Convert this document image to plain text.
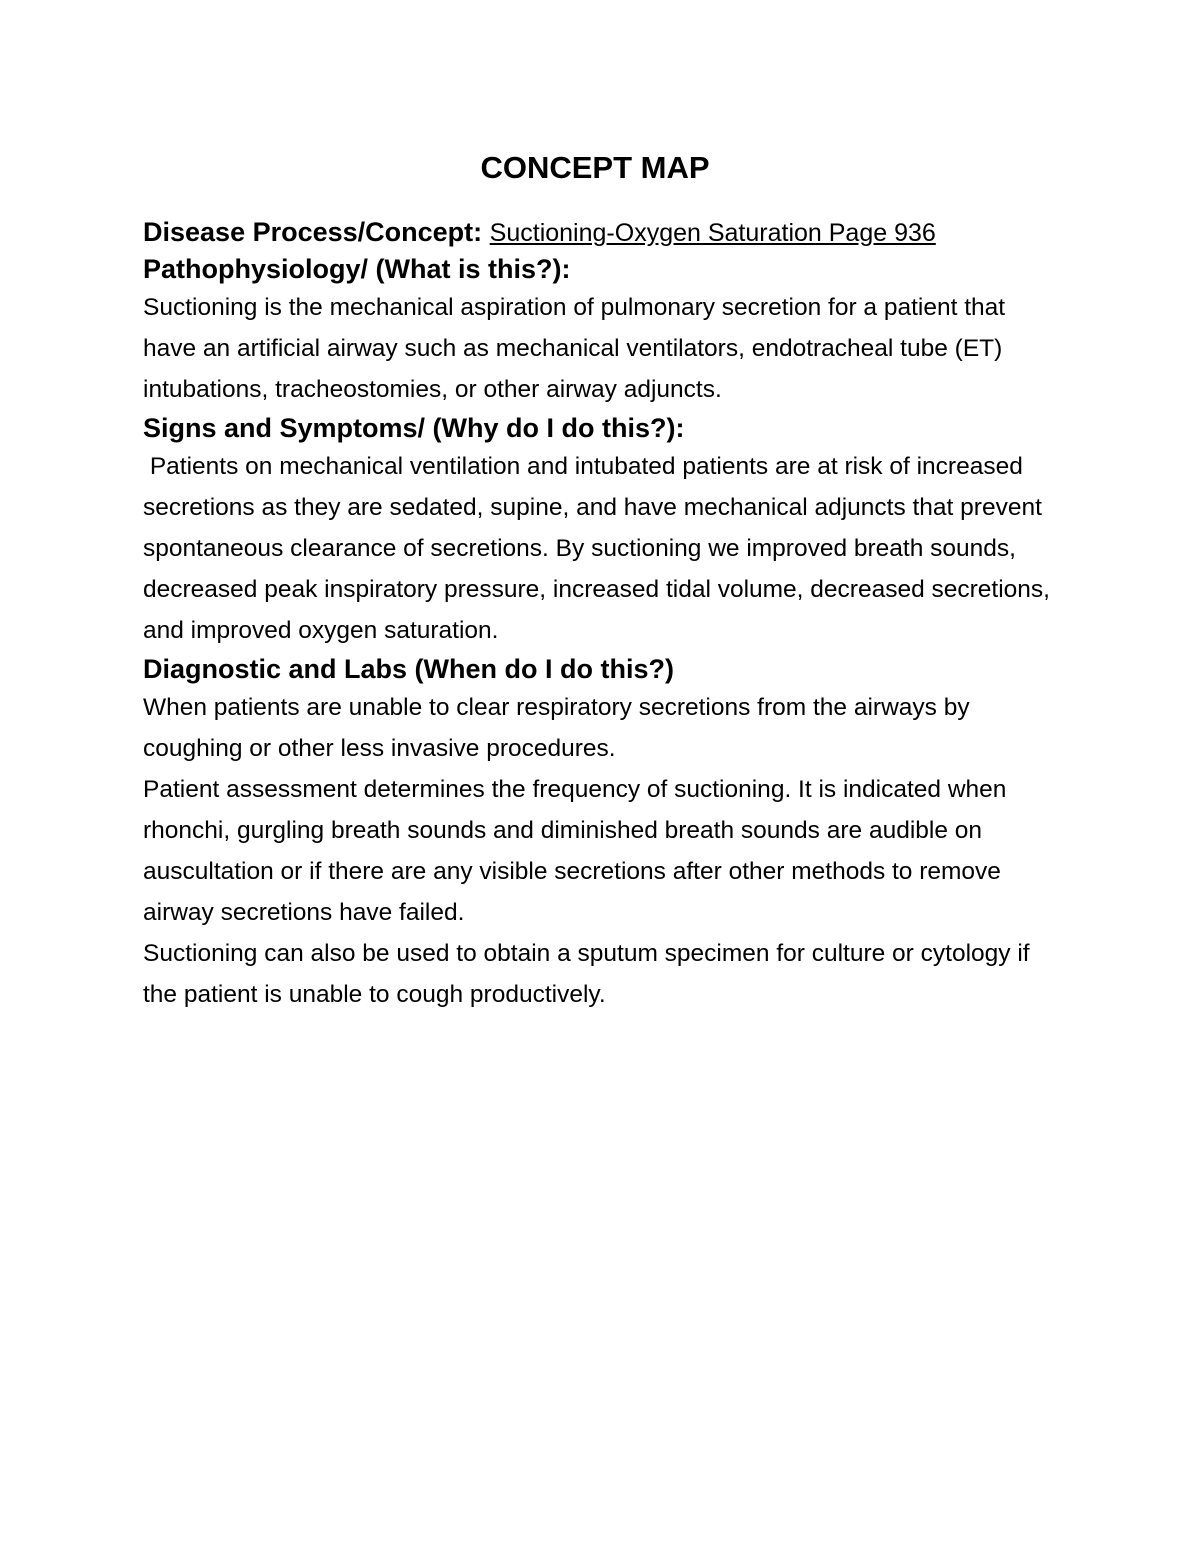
CONCEPT MAP
Disease Process/Concept: Suctioning-Oxygen Saturation Page 936
Pathophysiology/ (What is this?):

Suctioning is the mechanical aspiration of pulmonary secretion for a patient that have an artificial airway such as mechanical ventilators, endotracheal tube (ET) intubations, tracheostomies, or other airway adjuncts.

Signs and Symptoms/ (Why do I do this?):

Patients on mechanical ventilation and intubated patients are at risk of increased secretions as they are sedated, supine, and have mechanical adjuncts that prevent spontaneous clearance of secretions. By suctioning we improved breath sounds, decreased peak inspiratory pressure, increased tidal volume, decreased secretions, and improved oxygen saturation.

Diagnostic and Labs (When do I do this?)

When patients are unable to clear respiratory secretions from the airways by coughing or other less invasive procedures.

Patient assessment determines the frequency of suctioning. It is indicated when rhonchi, gurgling breath sounds and diminished breath sounds are audible on auscultation or if there are any visible secretions after other methods to remove airway secretions have failed.

Suctioning can also be used to obtain a sputum specimen for culture or cytology if the patient is unable to cough productively.
